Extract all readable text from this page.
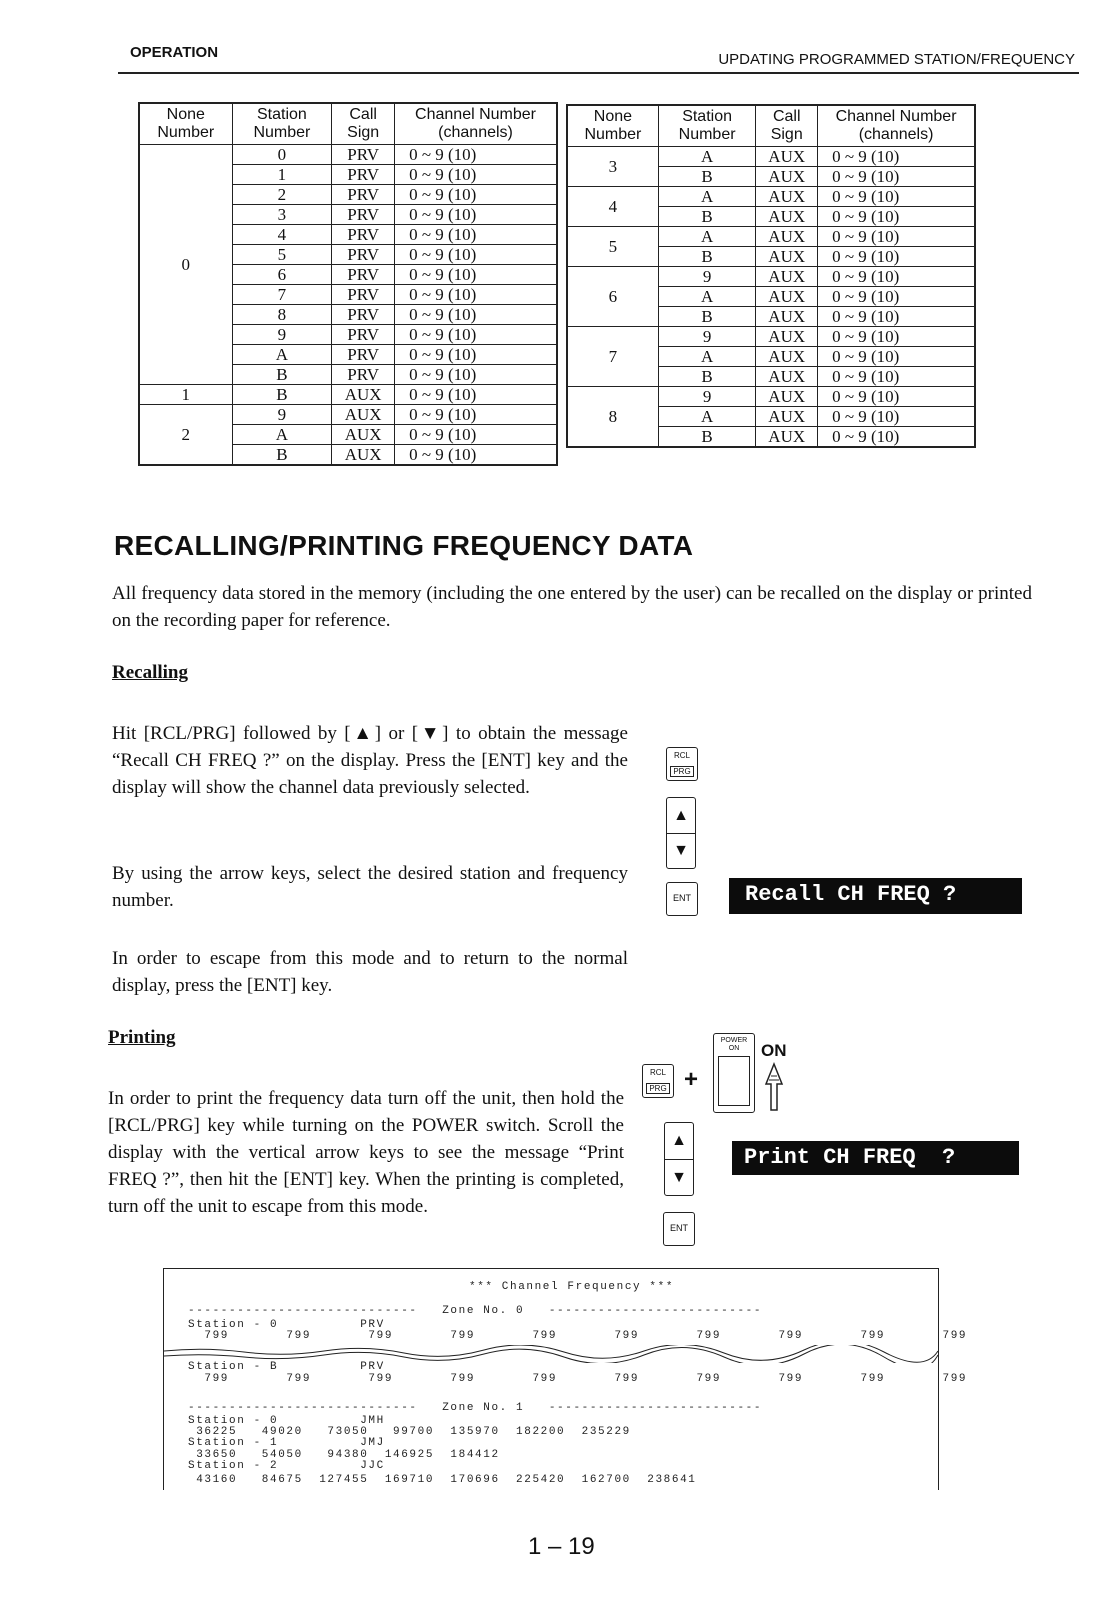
OPERATION	UPDATING PROGRAMMED STATION/FREQUENCY
None Number	Station Number	Call Sign	Channel Number (channels)
0	0	PRV	0 ~ 9 (10)
	1	PRV	0 ~ 9 (10)
	2	PRV	0 ~ 9 (10)
	3	PRV	0 ~ 9 (10)
	4	PRV	0 ~ 9 (10)
	5	PRV	0 ~ 9 (10)
	6	PRV	0 ~ 9 (10)
	7	PRV	0 ~ 9 (10)
	8	PRV	0 ~ 9 (10)
	9	PRV	0 ~ 9 (10)
	A	PRV	0 ~ 9 (10)
	B	PRV	0 ~ 9 (10)
1	B	AUX	0 ~ 9 (10)
2	9	AUX	0 ~ 9 (10)
	A	AUX	0 ~ 9 (10)
	B	AUX	0 ~ 9 (10)
None Number	Station Number	Call Sign	Channel Number (channels)
3	A	AUX	0 ~ 9 (10)
	B	AUX	0 ~ 9 (10)
4	A	AUX	0 ~ 9 (10)
	B	AUX	0 ~ 9 (10)
5	A	AUX	0 ~ 9 (10)
	B	AUX	0 ~ 9 (10)
6	9	AUX	0 ~ 9 (10)
	A	AUX	0 ~ 9 (10)
	B	AUX	0 ~ 9 (10)
7	9	AUX	0 ~ 9 (10)
	A	AUX	0 ~ 9 (10)
	B	AUX	0 ~ 9 (10)
8	9	AUX	0 ~ 9 (10)
	A	AUX	0 ~ 9 (10)
	B	AUX	0 ~ 9 (10)
RECALLING/PRINTING FREQUENCY DATA

All frequency data stored in the memory (including the one entered by the user) can be recalled on the display or printed on the recording paper for reference.

Recalling

Hit [RCL/PRG] followed by [▲] or [▼] to obtain the message “Recall CH FREQ ?” on the display. Press the [ENT] key and the display will show the channel data previously selected.

By using the arrow keys, select the desired station and frequency number.

In order to escape from this mode and to return to the normal display, press the [ENT] key.

RCL
PRG
▲
▼
ENT	Recall CH FREQ ?
Printing

In order to print the frequency data turn off the unit, then hold the [RCL/PRG] key while turning on the POWER switch. Scroll the display with the vertical arrow keys to see the message “Print FREQ ?”, then hit the [ENT] key. When the printing is completed, turn off the unit to escape from this mode.

RCL
PRG +
POWER
ON	ON
▲
▼
ENT
Print CH FREQ  ?
*** Channel Frequency ***
----------------------------   Zone No. 0   --------------------------
Station - 0          PRV
799       799       799       799       799       799       799       799       799       799
Station - B          PRV
799       799       799       799       799       799       799       799       799       799
----------------------------   Zone No. 1   --------------------------
Station - 0          JMH
36225   49020   73050   99700  135970  182200  235229
Station - 1          JMJ
33650   54050   94380  146925  184412
Station - 2          JJC
43160   84675  127455  169710  170696  225420  162700  238641
1 – 19
